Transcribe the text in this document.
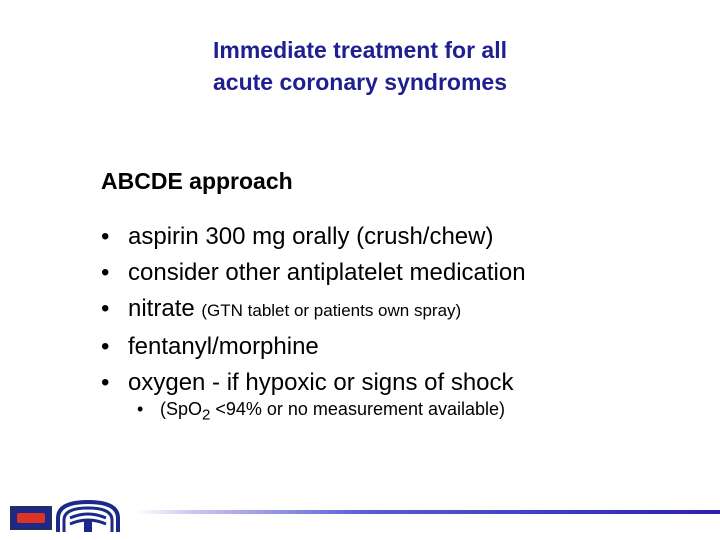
Immediate treatment for all
acute coronary syndromes
ABCDE approach
• aspirin 300 mg orally (crush/chew)
• consider other antiplatelet medication
• nitrate (GTN tablet or patients own spray)
• fentanyl/morphine
• oxygen - if hypoxic or signs of shock
• (SpO$_2$ <94% or no measurement available)
